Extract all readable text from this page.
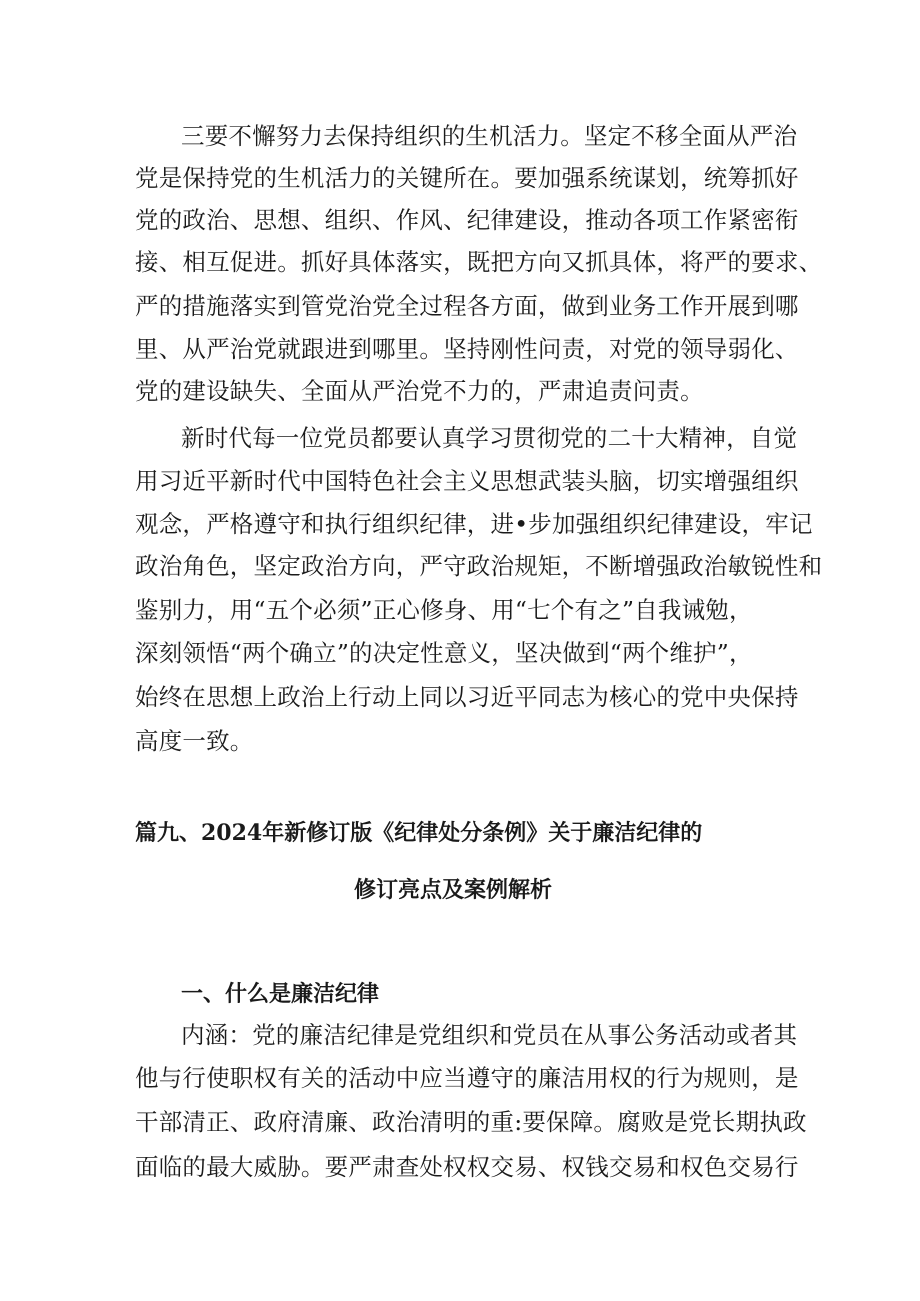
三要不懈努力去保持组织的生机活力。坚定不移全面从严治
党是保持党的生机活力的关键所在。要加强系统谋划，统筹抓好
党的政治、思想、组织、作风、纪律建设，推动各项工作紧密衔
接、相互促进。抓好具体落实，既把方向又抓具体，将严的要求、
严的措施落实到管党治党全过程各方面，做到业务工作开展到哪
里、从严治党就跟进到哪里。坚持刚性问责，对党的领导弱化、
党的建设缺失、全面从严治党不力的，严肃追责问责。
新时代每一位党员都要认真学习贯彻党的二十大精神，自觉
用习近平新时代中国特色社会主义思想武装头脑，切实增强组织
观念，严格遵守和执行组织纪律，进•步加强组织纪律建设，牢记
政治角色，坚定政治方向，严守政治规矩，不断增强政治敏锐性和
鉴别力，用“五个必须”正心修身、用“七个有之”自我诫勉，
深刻领悟“两个确立”的决定性意义，坚决做到“两个维护”，
始终在思想上政治上行动上同以习近平同志为核心的党中央保持
高度一致。
篇九、2024年新修订版《纪律处分条例》关于廉洁纪律的
修订亮点及案例解析
一、什么是廉洁纪律
内涵：党的廉洁纪律是党组织和党员在从事公务活动或者其
他与行使职权有关的活动中应当遵守的廉洁用权的行为规则，是
干部清正、政府清廉、政治清明的重:要保障。腐败是党长期执政
面临的最大威胁。要严肃查处权权交易、权钱交易和权色交易行
